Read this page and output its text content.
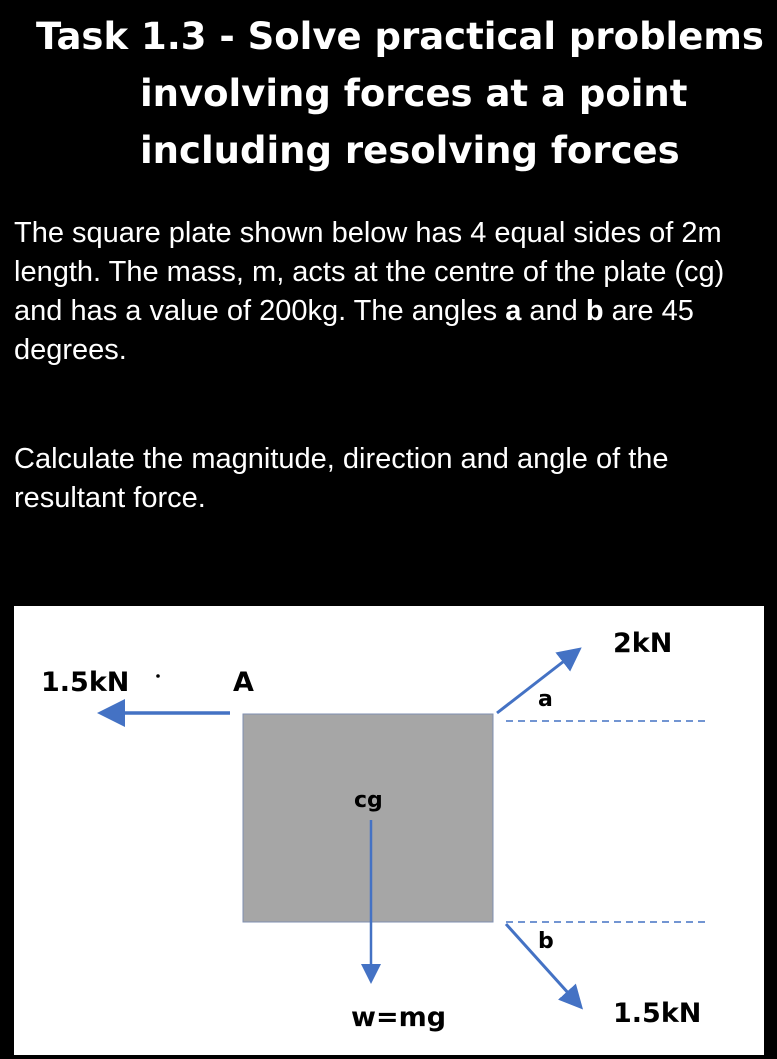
Task 1.3 - Solve practical problems
involving forces at a point
including resolving forces

The square plate shown below has 4 equal sides of 2m length. The mass, m, acts at the centre of the plate (cg) and has a value of 200kg. The angles a and b are 45 degrees.

Calculate the magnitude, direction and angle of the resultant force.

1.5kN	A
2kN
a
cg
b
w=mg	1.5kN
